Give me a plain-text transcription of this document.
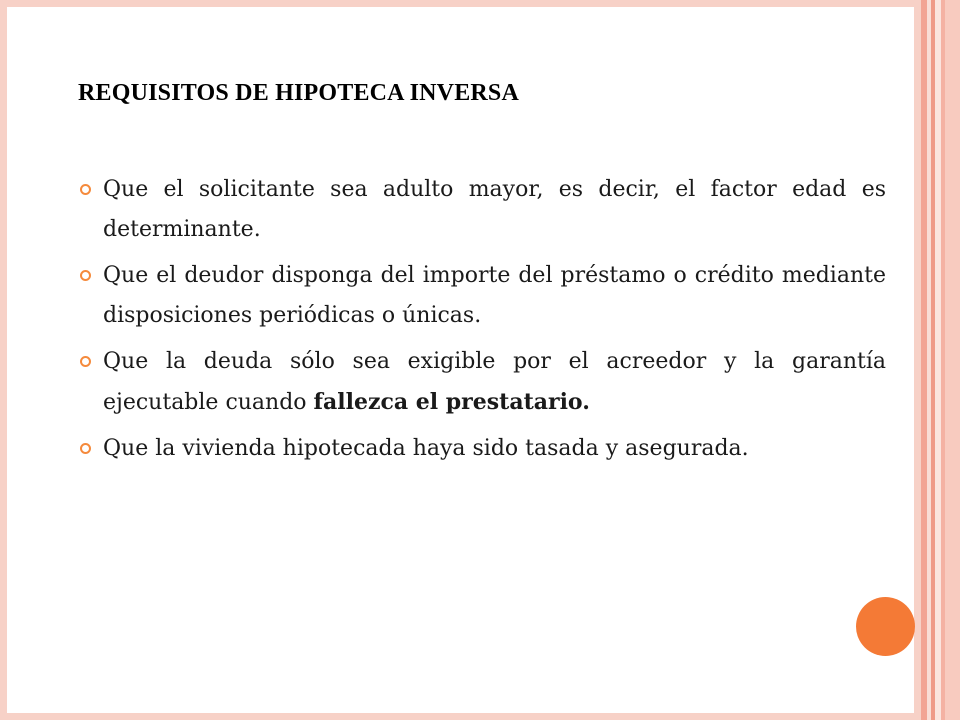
REQUISITOS DE HIPOTECA INVERSA
Que el solicitante sea adulto mayor, es decir, el factor edad es determinante.
Que el deudor disponga del importe del préstamo o crédito mediante disposiciones periódicas o únicas.
Que la deuda sólo sea exigible por el acreedor y la garantía ejecutable cuando fallezca el prestatario.
Que la vivienda hipotecada haya sido tasada y asegurada.
